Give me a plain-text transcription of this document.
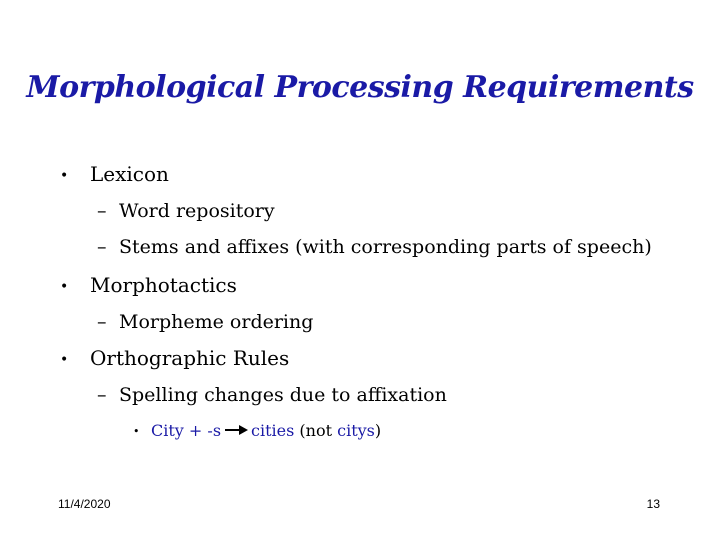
Morphological Processing Requirements
• Lexicon
– Word repository
– Stems and affixes (with corresponding parts of speech)
• Morphotactics
– Morpheme ordering
• Orthographic Rules
– Spelling changes due to affixation
• City + -s cities (not citys)
11/4/2020	13
